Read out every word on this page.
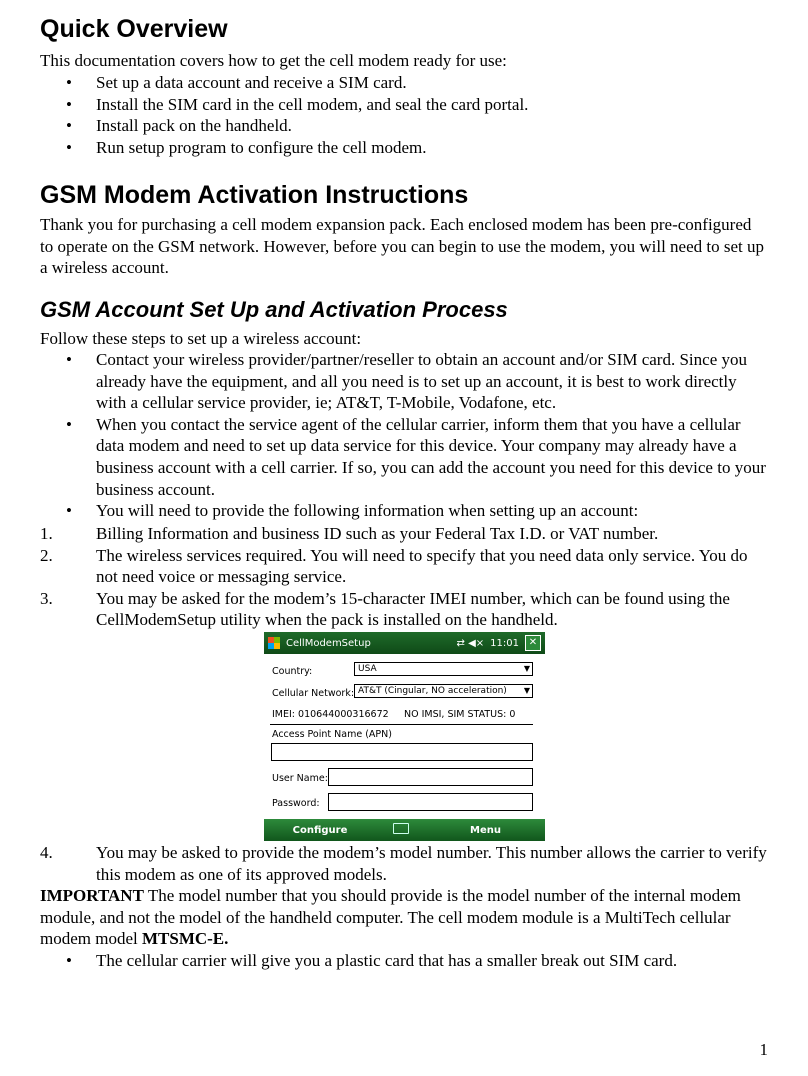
Quick Overview

This documentation covers how to get the cell modem ready for use:

• Set up a data account and receive a SIM card.
• Install the SIM card in the cell modem, and seal the card portal.
• Install pack on the handheld.
• Run setup program to configure the cell modem.
GSM Modem Activation Instructions

Thank you for purchasing a cell modem expansion pack. Each enclosed modem has been pre-configured to operate on the GSM network. However, before you can begin to use the modem, you will need to set up a wireless account.

GSM Account Set Up and Activation Process

Follow these steps to set up a wireless account:

• Contact your wireless provider/partner/reseller to obtain an account and/or SIM card. Since you already have the equipment, and all you need is to set up an account, it is best to work directly with a cellular service provider, ie; AT&T, T-Mobile, Vodafone, etc.
• When you contact the service agent of the cellular carrier, inform them that you have a cellular data modem and need to set up data service for this device. Your company may already have a business account with a cell carrier. If so, you can add the account you need for this device to your business account.
• You will need to provide the following information when setting up an account:
1.	Billing Information and business ID such as your Federal Tax I.D. or VAT number.
2.	The wireless services required. You will need to specify that you need data only service. You do not need voice or messaging service.
3.	You may be asked for the modem’s 15-character IMEI number, which can be found using the CellModemSetup utility when the pack is installed on the handheld.
4.	You may be asked to provide the modem’s model number. This number allows the carrier to verify this modem as one of its approved models.

IMPORTANT The model number that you should provide is the model number of the internal modem module, and not the model of the handheld computer. The cell modem module is a MultiTech cellular modem model MTSMC-E.

• The cellular carrier will give you a plastic card that has a smaller break out SIM card.
CellModemSetup	⇄ ◀× 11:01 ✕
Country:	USA	▼
Cellular Network: AT&T (Cingular, NO acceleration) ▼
IMEI: 010644000316672 NO IMSI, SIM STATUS: 0
Access Point Name (APN)
User Name:
Password:
Configure	Menu
1
